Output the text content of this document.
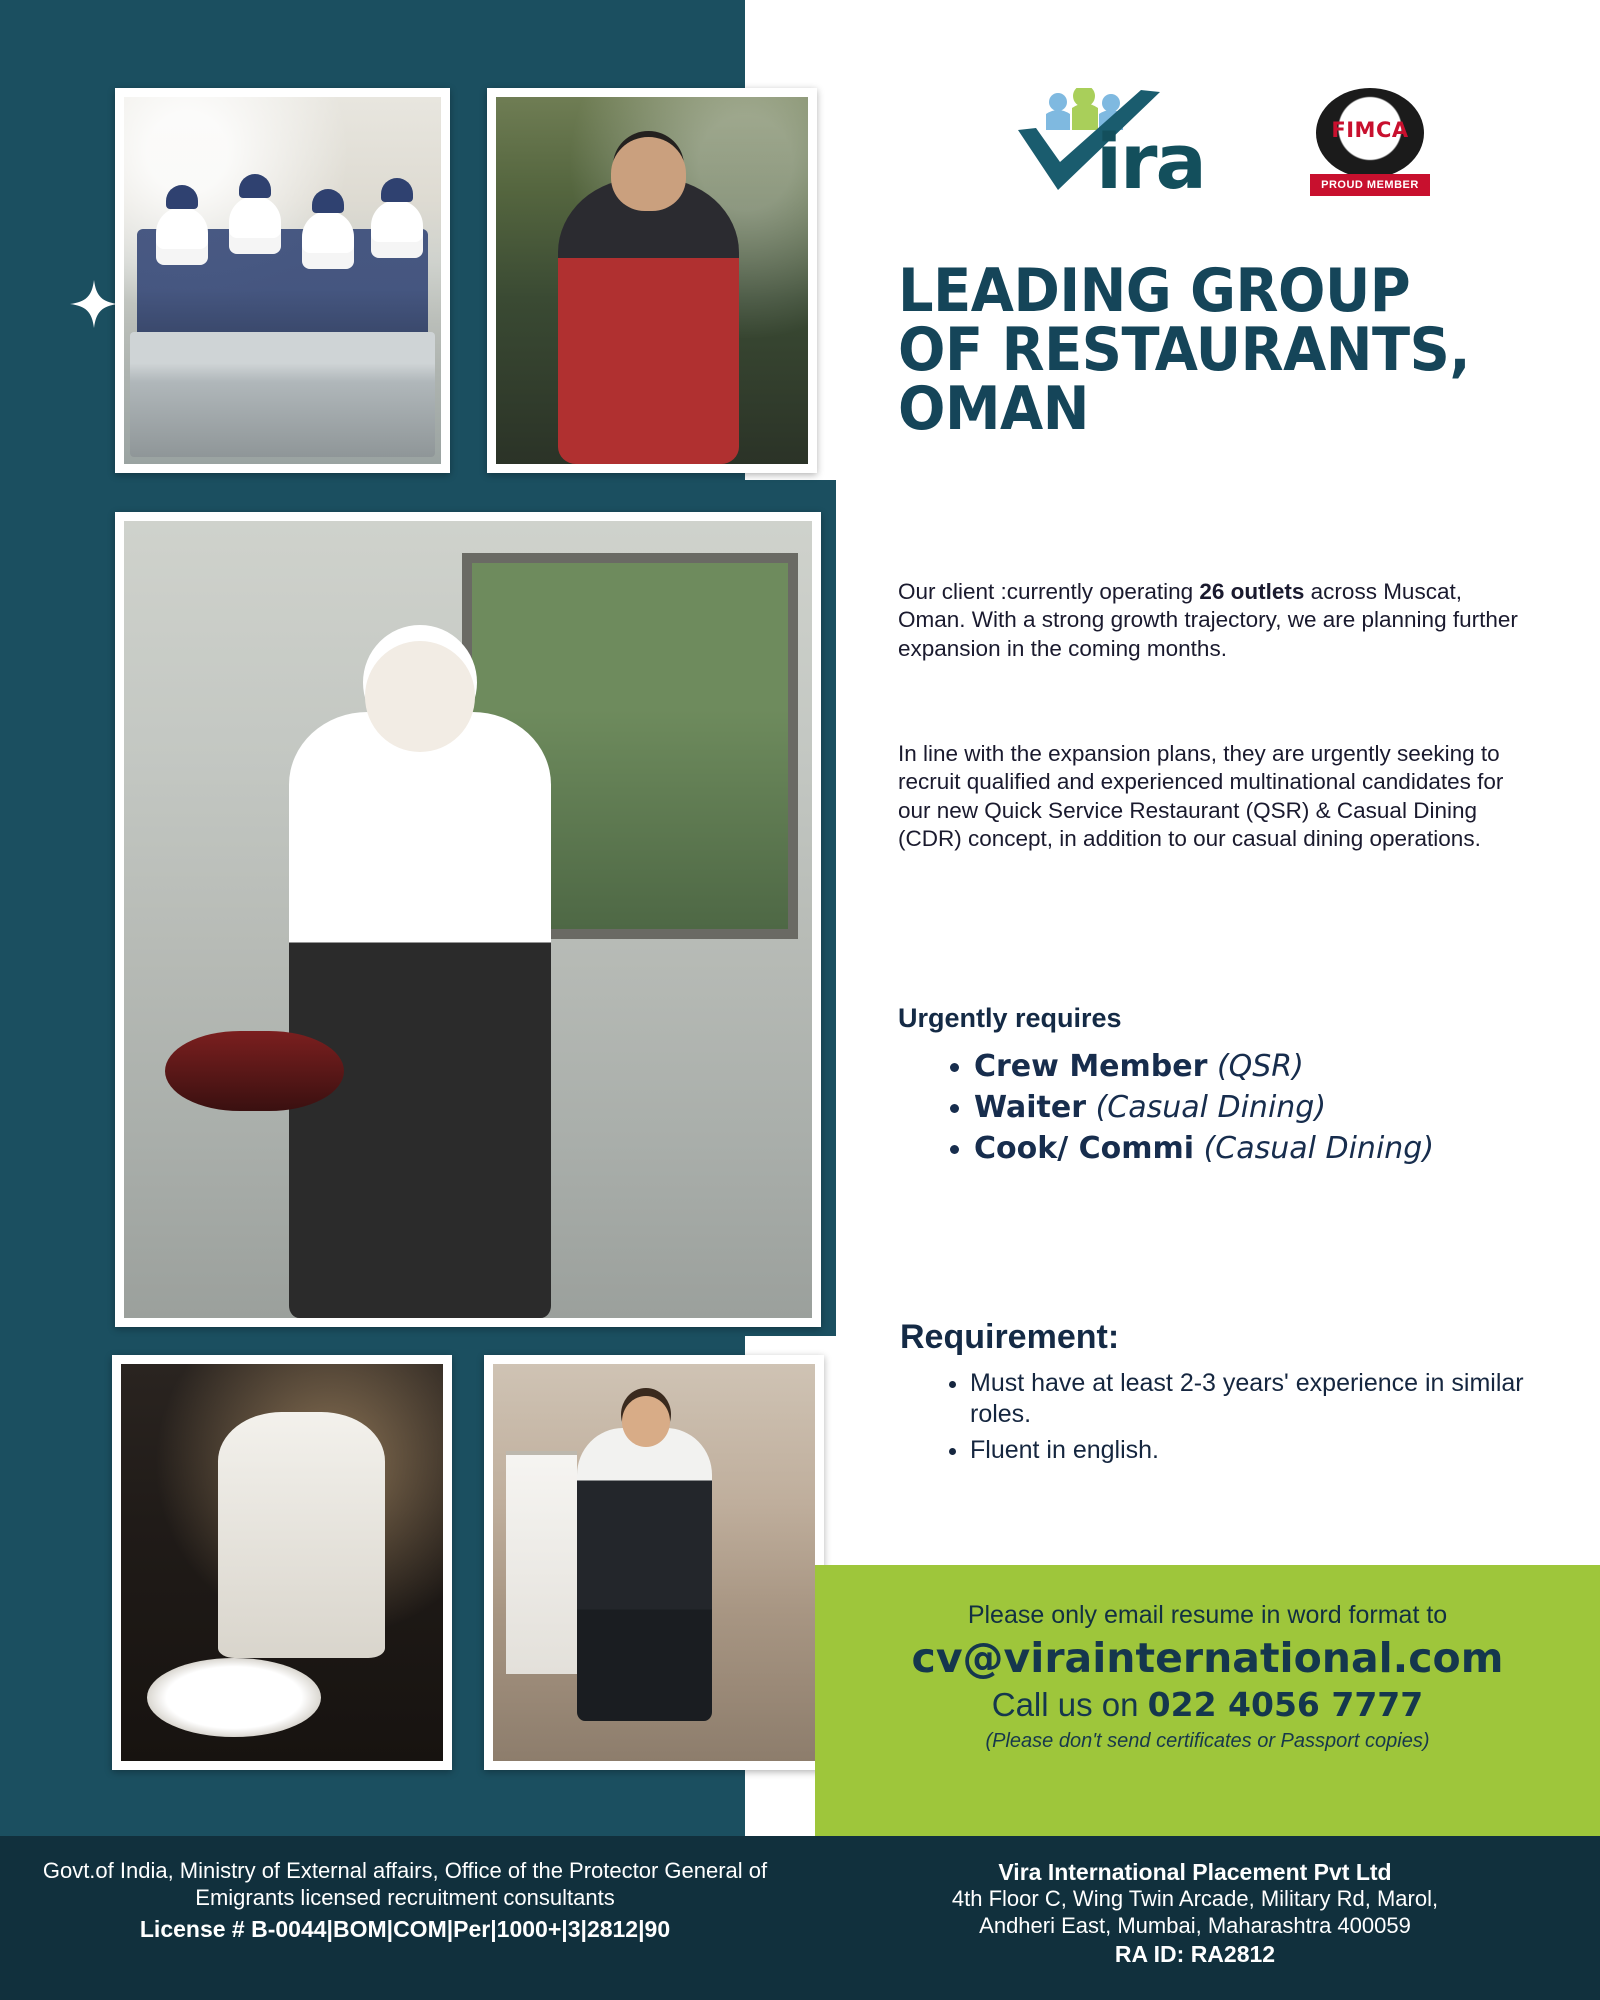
ira	FIMCA
PROUD MEMBER
LEADING GROUP OF RESTAURANTS, OMAN
Our client :currently operating 26 outlets across Muscat, Oman. With a strong growth trajectory, we are planning further expansion in the coming months.
In line with the expansion plans, they are urgently seeking to recruit qualified and experienced multinational candidates for our new Quick Service Restaurant (QSR) & Casual Dining (CDR) concept, in addition to our casual dining operations.
Urgently requires
• Crew Member (QSR)
• Waiter (Casual Dining)
• Cook/ Commi (Casual Dining)
Requirement:
• Must have at least 2-3 years' experience in similar roles.
• Fluent in english.
Please only email resume in word format to
cv@virainternational.com
Call us on 022 4056 7777
(Please don't send certificates or Passport copies)
Govt.of India, Ministry of External affairs, Office of the Protector General of Emigrants licensed recruitment consultants
License # B-0044|BOM|COM|Per|1000+|3|2812|90
Vira International Placement Pvt Ltd
4th Floor C, Wing Twin Arcade, Military Rd, Marol,
Andheri East, Mumbai, Maharashtra 400059
RA ID: RA2812
